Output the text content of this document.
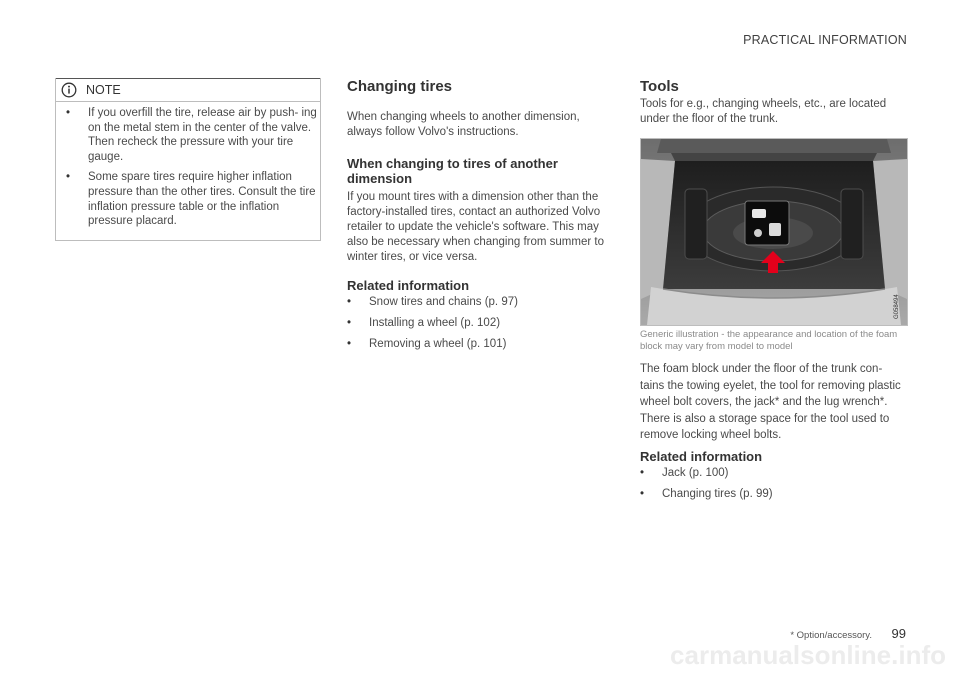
PRACTICAL INFORMATION
NOTE
• If you overfill the tire, release air by push- ing on the metal stem in the center of the valve. Then recheck the pressure with your tire gauge.
• Some spare tires require higher inflation pressure than the other tires. Consult the tire inflation pressure table or the inflation pressure placard.
Changing tires

When changing wheels to another dimension, always follow Volvo's instructions.

When changing to tires of another dimension

If you mount tires with a dimension other than the factory-installed tires, contact an authorized Volvo retailer to update the vehicle's software. This may also be necessary when changing from summer to winter tires, or vice versa.

Related information
• Snow tires and chains (p. 97)
• Installing a wheel (p. 102)
• Removing a wheel (p. 101)
Tools

Tools for e.g., changing wheels, etc., are located under the floor of the trunk.

G058494

Generic illustration - the appearance and location of the foam block may vary from model to model

The foam block under the floor of the trunk con- tains the towing eyelet, the tool for removing plastic wheel bolt covers, the jack* and the lug wrench*. There is also a storage space for the tool used to remove locking wheel bolts.

Related information
• Jack (p. 100)
• Changing tires (p. 99)
* Option/accessory. 99
carmanualsonline.info
